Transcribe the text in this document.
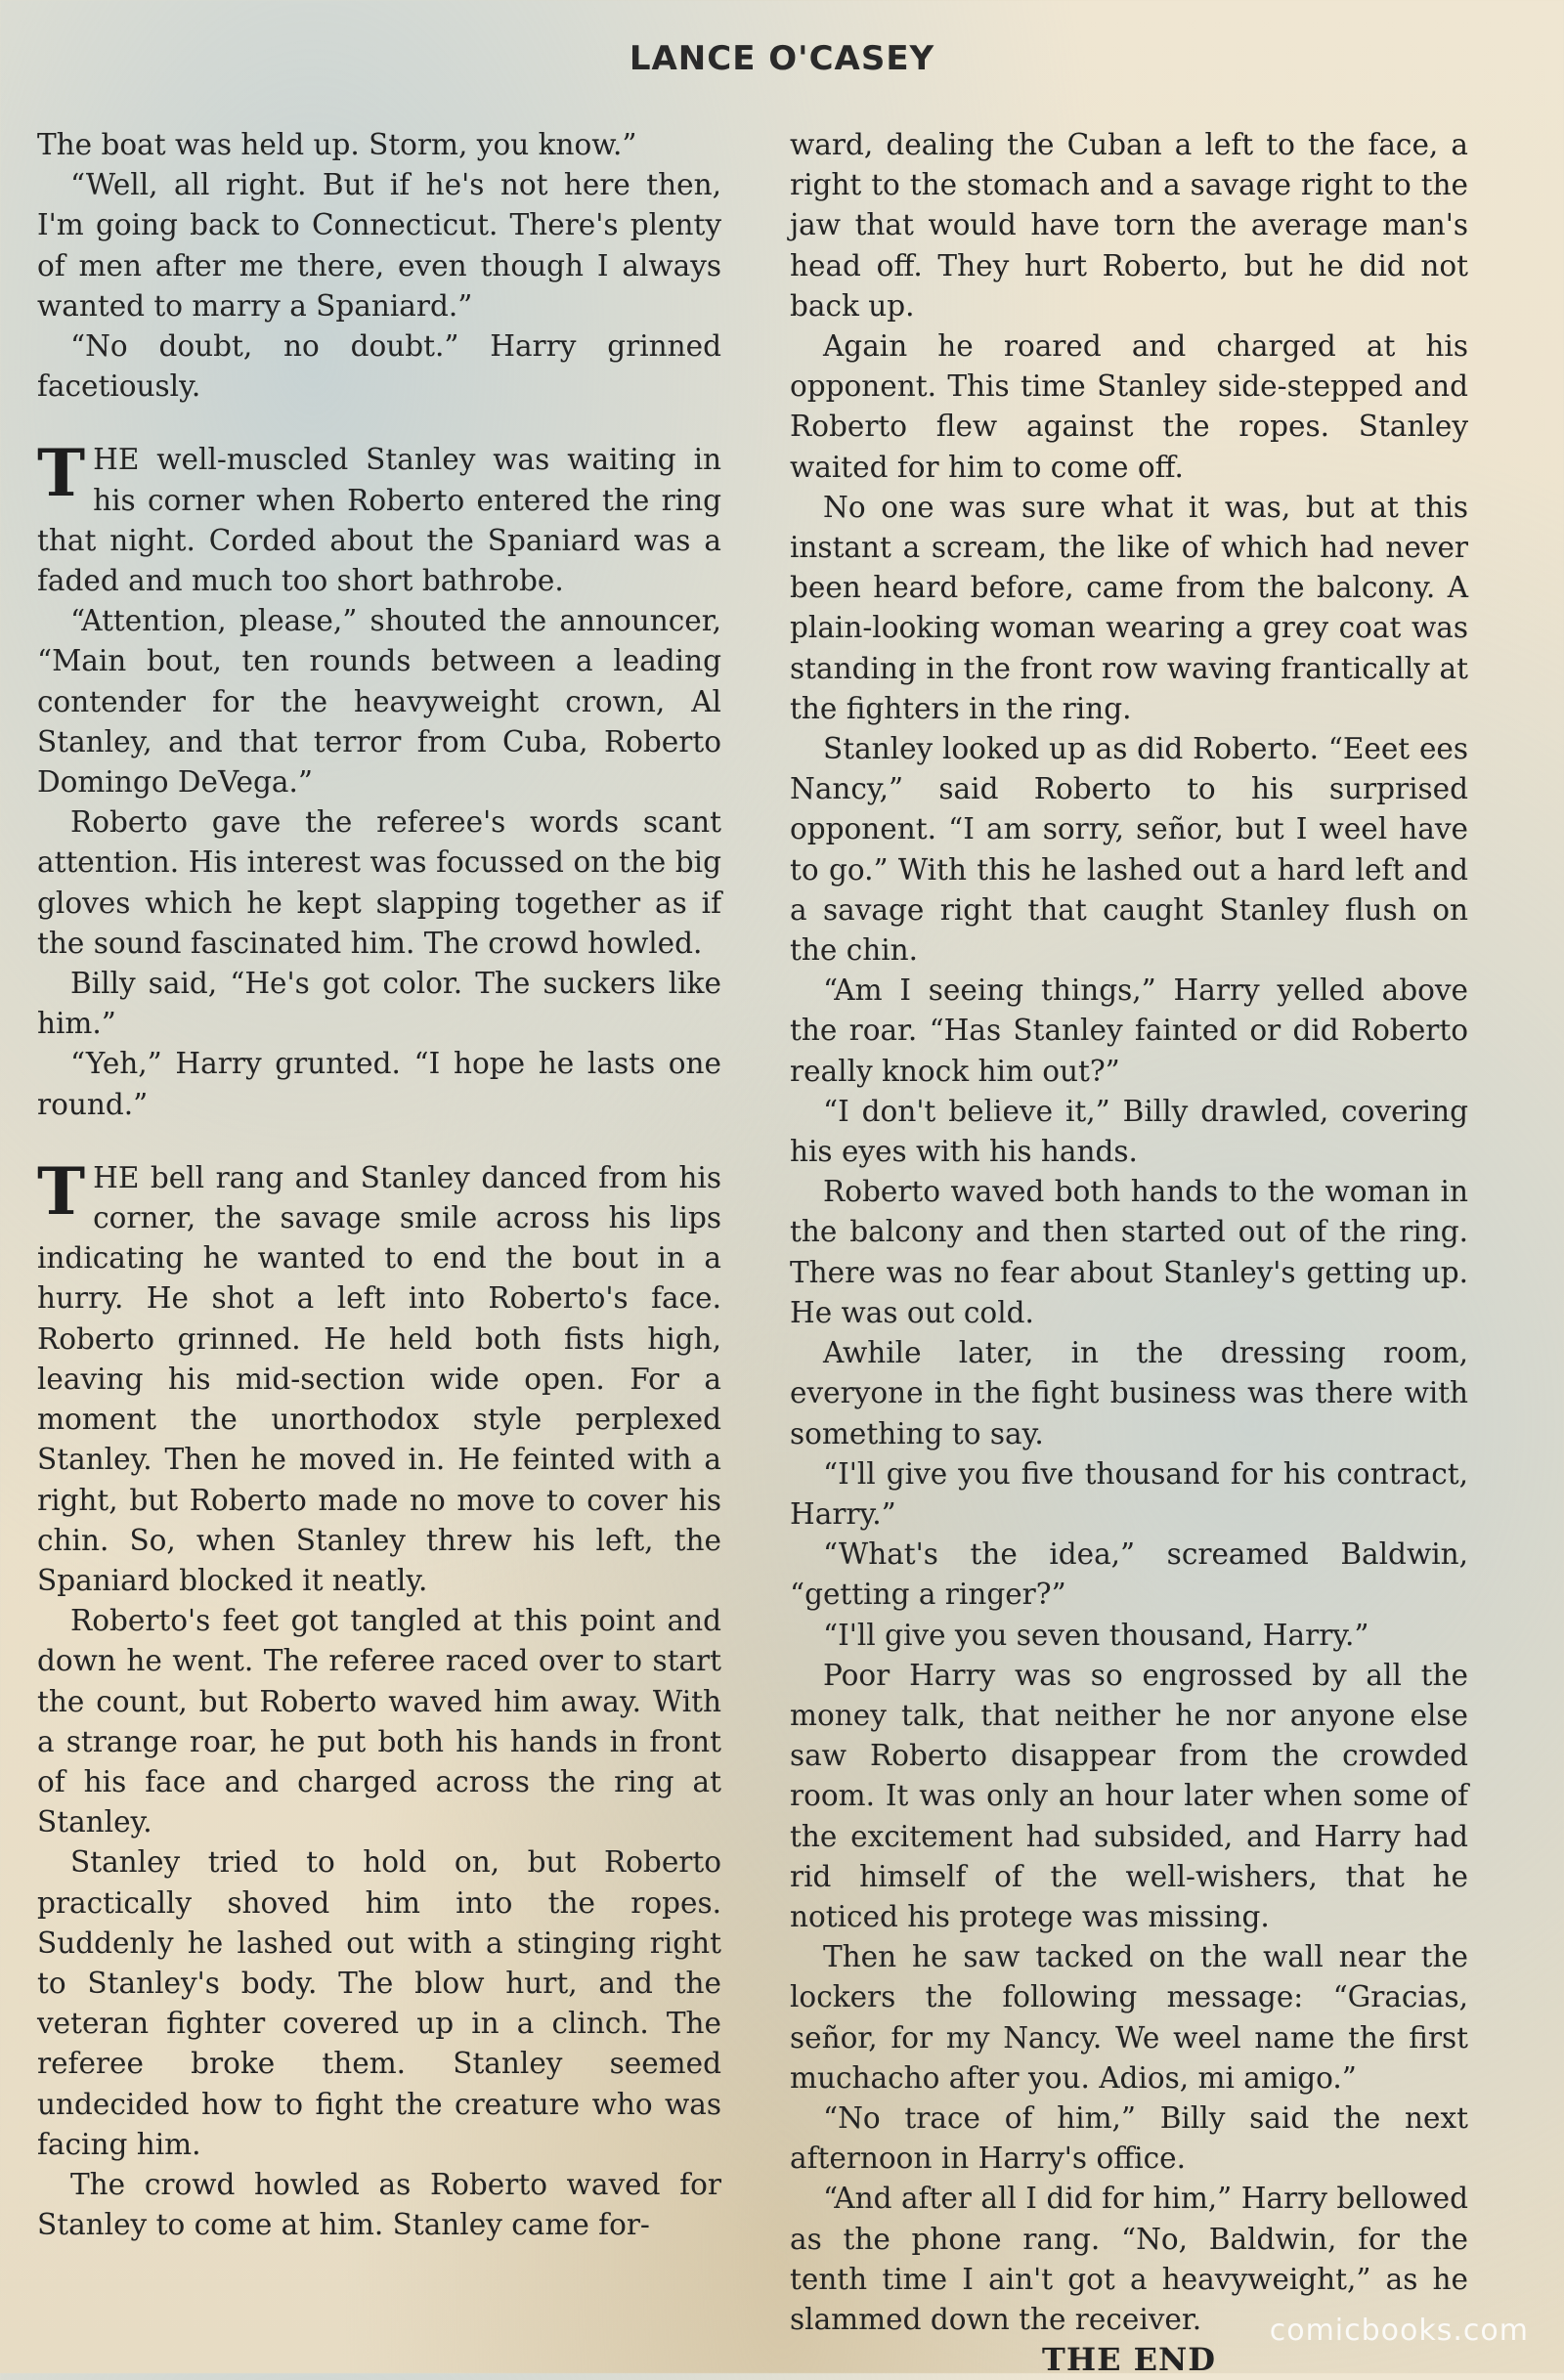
LANCE O'CASEY

The boat was held up. Storm, you know.”

“Well, all right. But if he's not here then, I'm going back to Connecticut. There's plenty of men after me there, even though I always wanted to marry a Spaniard.”

“No doubt, no doubt.” Harry grinned facetiously.

THE well-muscled Stanley was waiting in his corner when Roberto entered the ring that night. Corded about the Spaniard was a faded and much too short bathrobe.

“Attention, please,” shouted the announcer, “Main bout, ten rounds between a leading contender for the heavyweight crown, Al Stanley, and that terror from Cuba, Roberto Domingo DeVega.”

Roberto gave the referee's words scant attention. His interest was focussed on the big gloves which he kept slapping together as if the sound fascinated him. The crowd howled.

Billy said, “He's got color. The suckers like him.”

“Yeh,” Harry grunted. “I hope he lasts one round.”

THE bell rang and Stanley danced from his corner, the savage smile across his lips indicating he wanted to end the bout in a hurry. He shot a left into Roberto's face. Roberto grinned. He held both fists high, leaving his mid-section wide open. For a moment the unorthodox style perplexed Stanley. Then he moved in. He feinted with a right, but Roberto made no move to cover his chin. So, when Stanley threw his left, the Spaniard blocked it neatly.

Roberto's feet got tangled at this point and down he went. The referee raced over to start the count, but Roberto waved him away. With a strange roar, he put both his hands in front of his face and charged across the ring at Stanley.

Stanley tried to hold on, but Roberto practically shoved him into the ropes. Suddenly he lashed out with a stinging right to Stanley's body. The blow hurt, and the veteran fighter covered up in a clinch. The referee broke them. Stanley seemed undecided how to fight the creature who was facing him.

The crowd howled as Roberto waved for Stanley to come at him. Stanley came for-

ward, dealing the Cuban a left to the face, a right to the stomach and a savage right to the jaw that would have torn the average man's head off. They hurt Roberto, but he did not back up.

Again he roared and charged at his opponent. This time Stanley side-stepped and Roberto flew against the ropes. Stanley waited for him to come off.

No one was sure what it was, but at this instant a scream, the like of which had never been heard before, came from the balcony. A plain-looking woman wearing a grey coat was standing in the front row waving frantically at the fighters in the ring.

Stanley looked up as did Roberto. “Eeet ees Nancy,” said Roberto to his surprised opponent. “I am sorry, señor, but I weel have to go.” With this he lashed out a hard left and a savage right that caught Stanley flush on the chin.

“Am I seeing things,” Harry yelled above the roar. “Has Stanley fainted or did Roberto really knock him out?”

“I don't believe it,” Billy drawled, covering his eyes with his hands.

Roberto waved both hands to the woman in the balcony and then started out of the ring. There was no fear about Stanley's getting up. He was out cold.

Awhile later, in the dressing room, everyone in the fight business was there with something to say.

“I'll give you five thousand for his contract, Harry.”

“What's the idea,” screamed Baldwin, “getting a ringer?”

“I'll give you seven thousand, Harry.”

Poor Harry was so engrossed by all the money talk, that neither he nor anyone else saw Roberto disappear from the crowded room. It was only an hour later when some of the excitement had subsided, and Harry had rid himself of the well-wishers, that he noticed his protege was missing.

Then he saw tacked on the wall near the lockers the following message: “Gracias, señor, for my Nancy. We weel name the first muchacho after you. Adios, mi amigo.”

“No trace of him,” Billy said the next afternoon in Harry's office.

“And after all I did for him,” Harry bellowed as the phone rang. “No, Baldwin, for the tenth time I ain't got a heavyweight,” as he slammed down the receiver.

THE END

comicbooks.com
